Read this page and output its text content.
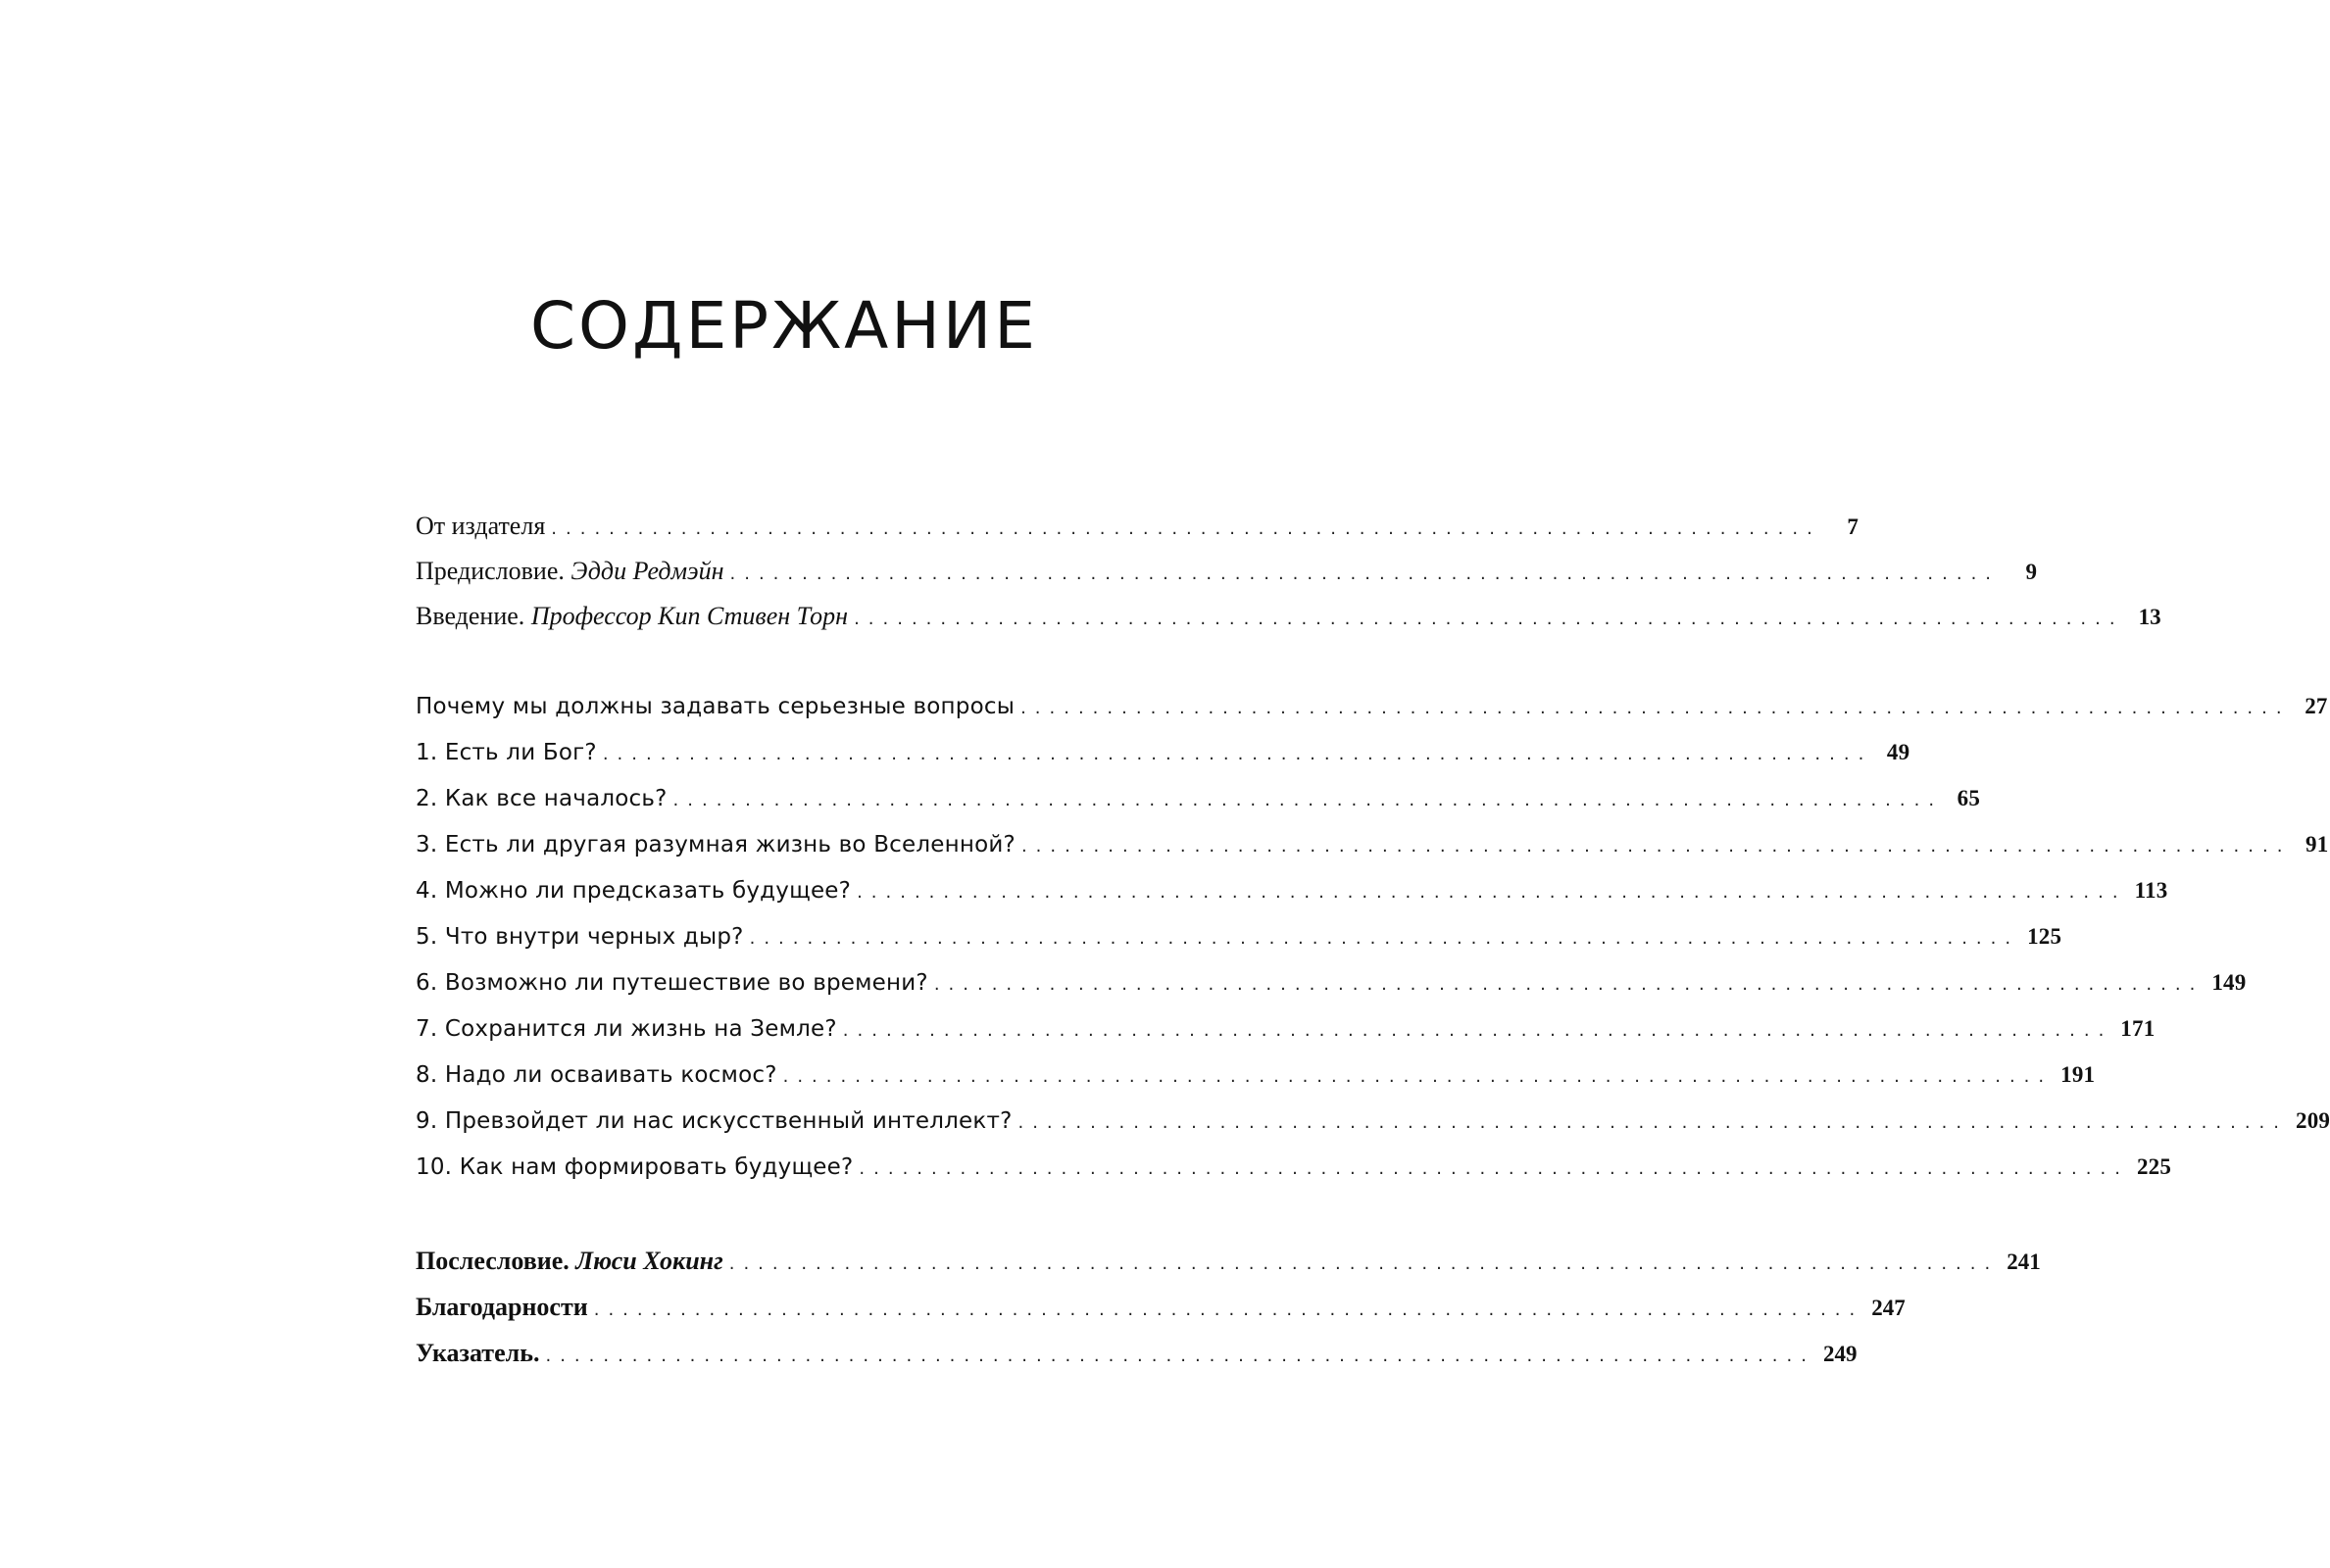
СОДЕРЖАНИЕ
От издателя ........................................................................................	7
Предисловие. Эдди Редмэйн ........................................................................................	9
Введение. Профессор Кип Стивен Торн ........................................................................................ 13
Почему мы должны задавать серьезные вопросы ........................................................................................ 27
1. Есть ли Бог? ........................................................................................ 49
2. Как все началось? ........................................................................................ 65
3. Есть ли другая разумная жизнь во Вселенной? ........................................................................................ 91
4. Можно ли предсказать будущее? ........................................................................................ 113
5. Что внутри черных дыр? ........................................................................................ 125
6. Возможно ли путешествие во времени? ........................................................................................ 149
7. Сохранится ли жизнь на Земле? ........................................................................................ 171
8. Надо ли осваивать космос? ........................................................................................ 191
9. Превзойдет ли нас искусственный интеллект? ........................................................................................ 209
10. Как нам формировать будущее? ........................................................................................ 225
Послесловие. Люси Хокинг ........................................................................................ 241
Благодарности ........................................................................................ 247
Указатель. ........................................................................................ 249
